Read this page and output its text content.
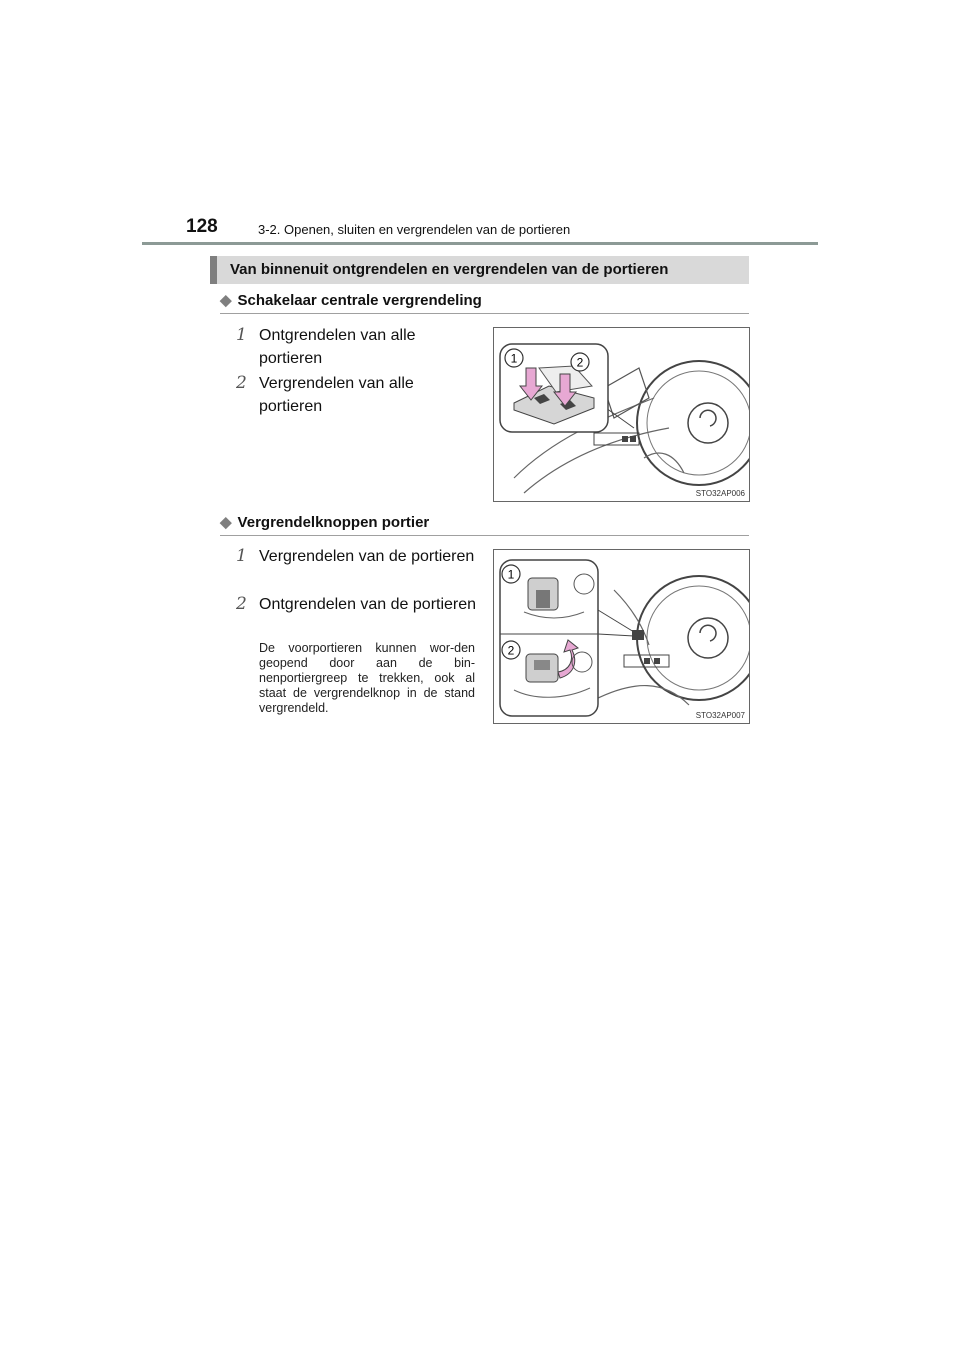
128	3-2. Openen, sluiten en vergrendelen van de portieren
Van binnenuit ontgrendelen en vergrendelen van de portieren
◆ Schakelaar centrale vergrendeling
1 Ontgrendelen van alle portieren
2 Vergrendelen van alle portieren
1	2
STO32AP006
◆ Vergrendelknoppen portier
1 Vergrendelen van de portieren
2 Ontgrendelen van de portieren
De voorportieren kunnen wor-den geopend door aan de bin-nenportiergreep te trekken, ook al staat de vergrendelknop in de stand vergrendeld.
1
2
STO32AP007
